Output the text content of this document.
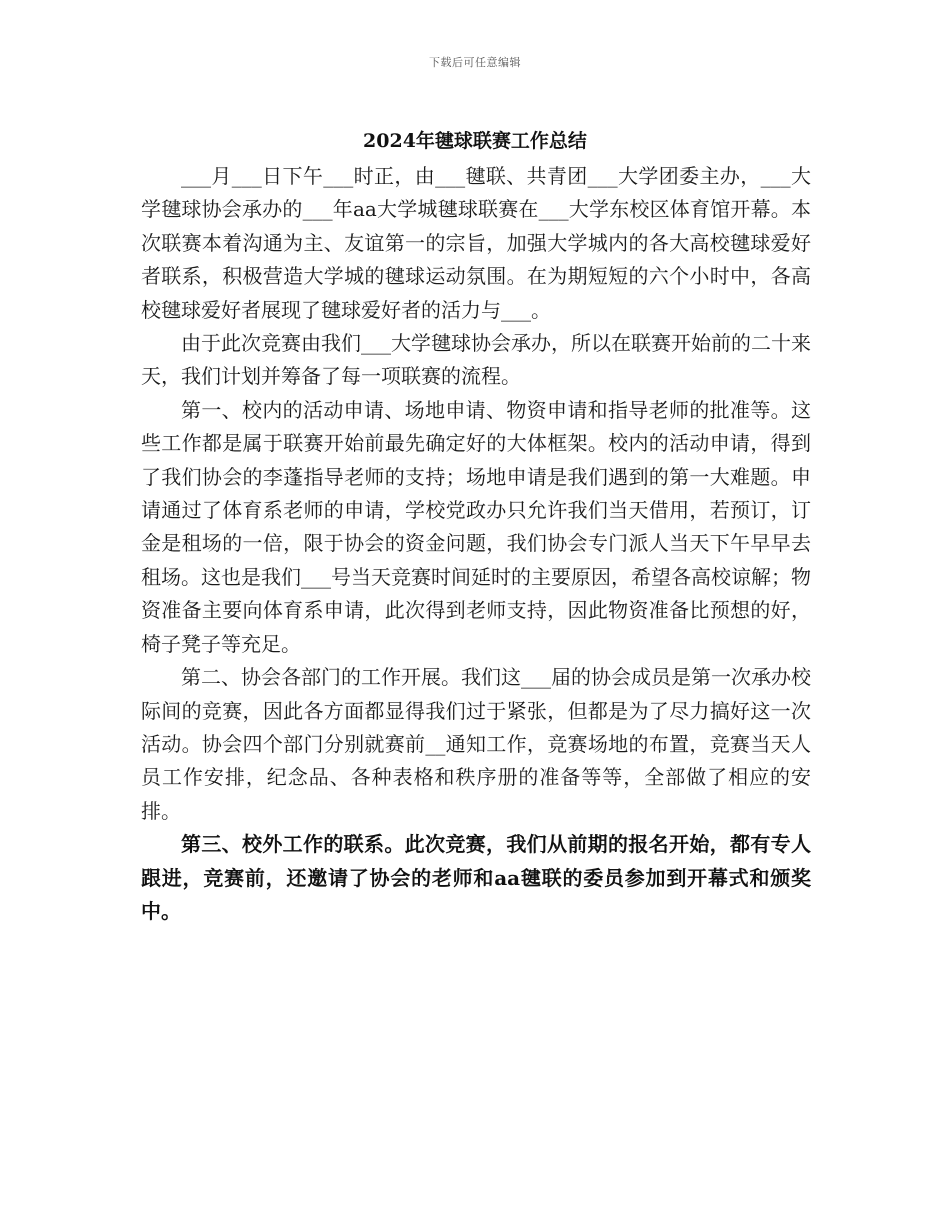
下载后可任意编辑
2024年毽球联赛工作总结

___月___日下午___时正，由___毽联、共青团___大学团委主办，___大学毽球协会承办的___年aa大学城毽球联赛在___大学东校区体育馆开幕。本次联赛本着沟通为主、友谊第一的宗旨，加强大学城内的各大高校毽球爱好者联系，积极营造大学城的毽球运动氛围。在为期短短的六个小时中，各高校毽球爱好者展现了毽球爱好者的活力与___。

由于此次竞赛由我们___大学毽球协会承办，所以在联赛开始前的二十来天，我们计划并筹备了每一项联赛的流程。

第一、校内的活动申请、场地申请、物资申请和指导老师的批准等。这些工作都是属于联赛开始前最先确定好的大体框架。校内的活动申请，得到了我们协会的李蓬指导老师的支持；场地申请是我们遇到的第一大难题。申请通过了体育系老师的申请，学校党政办只允许我们当天借用，若预订，订金是租场的一倍，限于协会的资金问题，我们协会专门派人当天下午早早去租场。这也是我们___号当天竞赛时间延时的主要原因，希望各高校谅解；物资准备主要向体育系申请，此次得到老师支持，因此物资准备比预想的好，椅子凳子等充足。

第二、协会各部门的工作开展。我们这___届的协会成员是第一次承办校际间的竞赛，因此各方面都显得我们过于紧张，但都是为了尽力搞好这一次活动。协会四个部门分别就赛前__通知工作，竞赛场地的布置，竞赛当天人员工作安排，纪念品、各种表格和秩序册的准备等等，全部做了相应的安排。

第三、校外工作的联系。此次竞赛，我们从前期的报名开始，都有专人跟进，竞赛前，还邀请了协会的老师和aa毽联的委员参加到开幕式和颁奖中。
